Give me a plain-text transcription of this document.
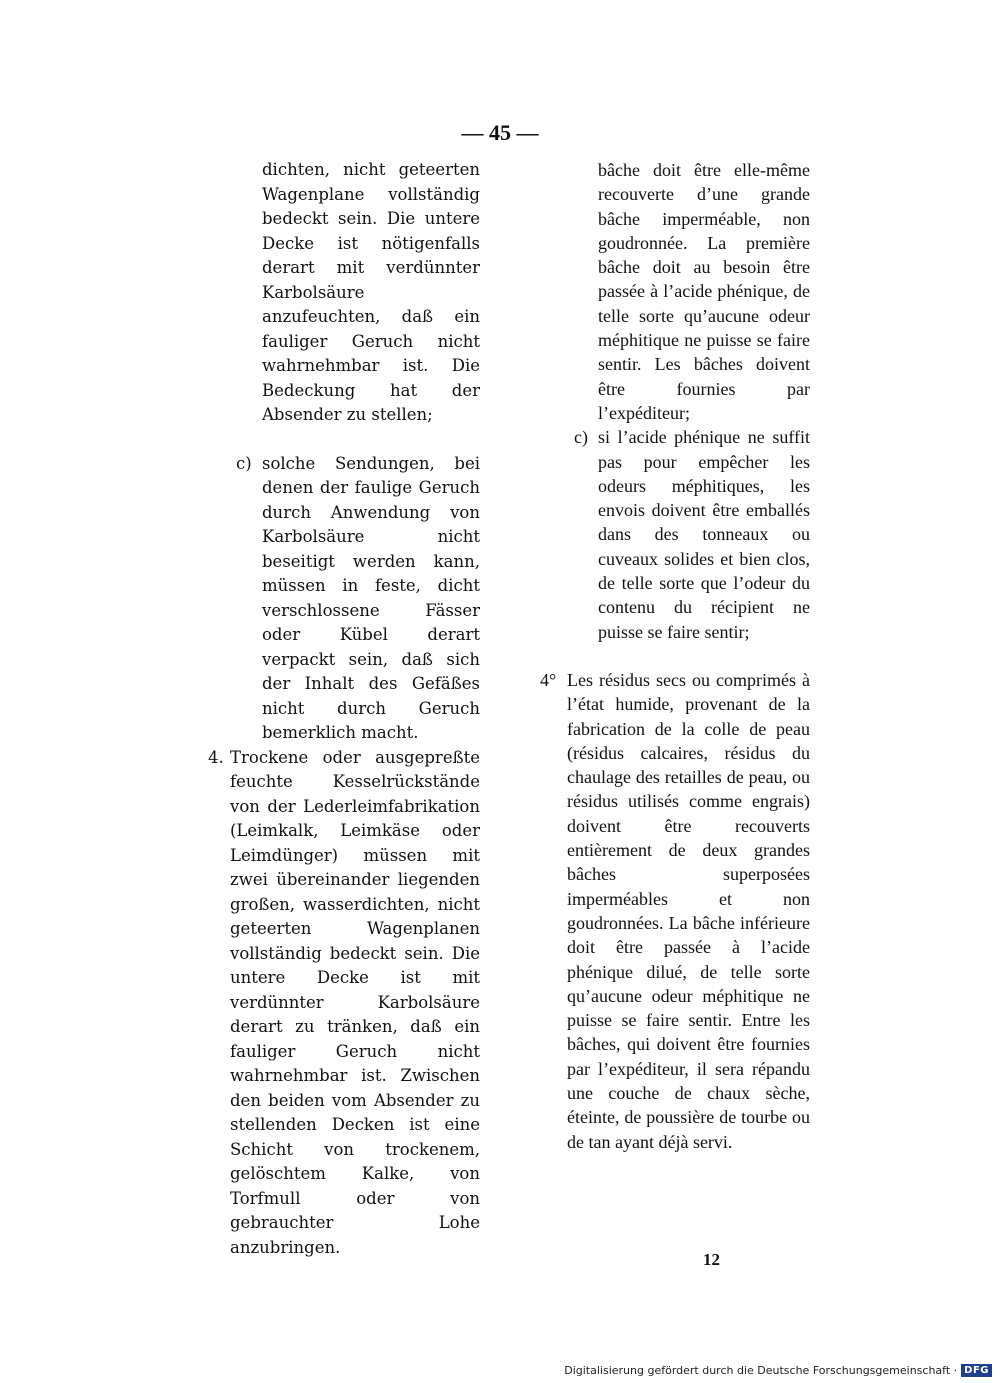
— 45 —

dichten, nicht geteerten Wagenplane vollständig bedeckt sein. Die untere Decke ist nötigenfalls derart mit verdünnter Karbolsäure anzufeuchten, daß ein fauliger Geruch nicht wahrnehmbar ist. Die Bedeckung hat der Absender zu stellen;

c) solche Sendungen, bei denen der faulige Geruch durch Anwendung von Karbolsäure nicht beseitigt werden kann, müssen in feste, dicht verschlossene Fässer oder Kübel derart verpackt sein, daß sich der Inhalt des Gefäßes nicht durch Geruch bemerklich macht.
4. Trockene oder ausgepreßte feuchte Kesselrückstände von der Lederleimfabrikation (Leimkalk, Leimkäse oder Leimdünger) müssen mit zwei übereinander liegenden großen, wasserdichten, nicht geteerten Wagenplanen vollständig bedeckt sein. Die untere Decke ist mit verdünnter Karbolsäure derart zu tränken, daß ein fauliger Geruch nicht wahrnehmbar ist. Zwischen den beiden vom Absender zu stellenden Decken ist eine Schicht von trockenem, gelöschtem Kalke, von Torfmull oder von gebrauchter Lohe anzubringen.

bâche doit être elle-même recouverte d’une grande bâche imperméable, non goudronnée. La première bâche doit au besoin être passée à l’acide phénique, de telle sorte qu’aucune odeur méphitique ne puisse se faire sentir. Les bâches doivent être fournies par l’expéditeur;

c) si l’acide phénique ne suffit pas pour empêcher les odeurs méphitiques, les envois doivent être emballés dans des tonneaux ou cuveaux solides et bien clos, de telle sorte que l’odeur du contenu du récipient ne puisse se faire sentir;
4° Les résidus secs ou comprimés à l’état humide, provenant de la fabrication de la colle de peau (résidus calcaires, résidus du chaulage des retailles de peau, ou résidus utilisés comme engrais) doivent être recouverts entièrement de deux grandes bâches superposées imperméables et non goudronnées. La bâche inférieure doit être passée à l’acide phénique dilué, de telle sorte qu’aucune odeur méphitique ne puisse se faire sentir. Entre les bâches, qui doivent être fournies par l’expéditeur, il sera répandu une couche de chaux sèche, éteinte, de poussière de tourbe ou de tan ayant déjà servi.
12
Digitalisierung gefördert durch die Deutsche Forschungsgemeinschaft · DFG
